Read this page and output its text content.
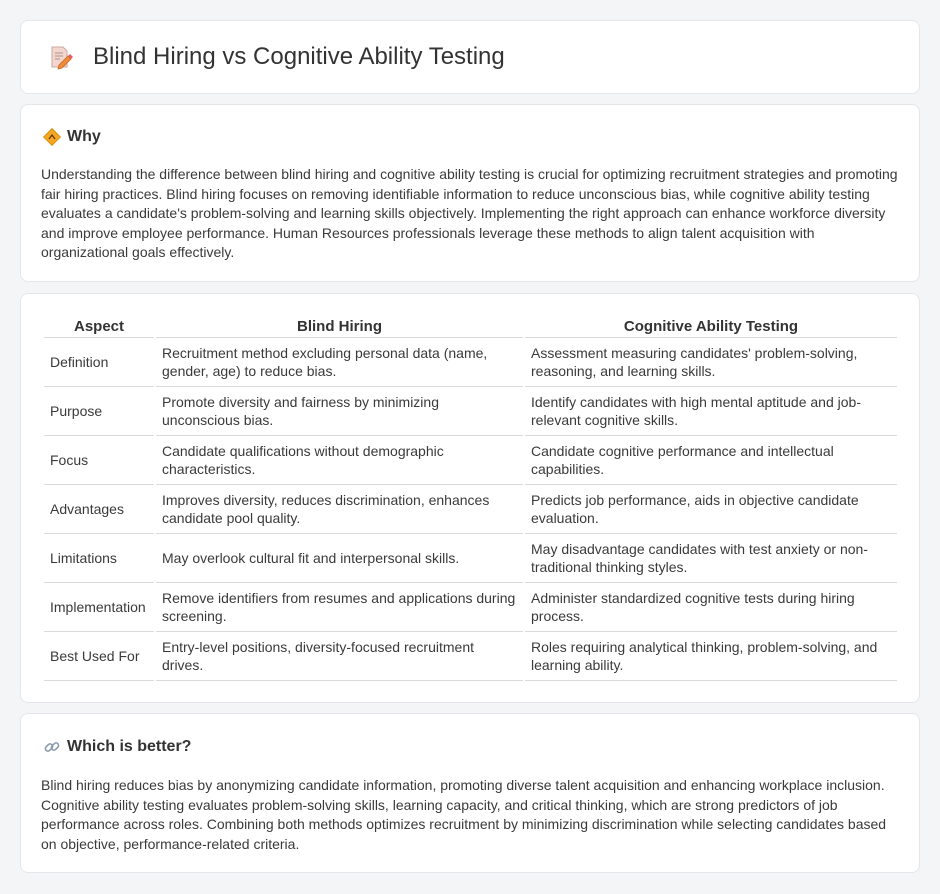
Blind Hiring vs Cognitive Ability Testing
Why

Understanding the difference between blind hiring and cognitive ability testing is crucial for optimizing recruitment strategies and promoting fair hiring practices. Blind hiring focuses on removing identifiable information to reduce unconscious bias, while cognitive ability testing evaluates a candidate's problem-solving and learning skills objectively. Implementing the right approach can enhance workforce diversity and improve employee performance. Human Resources professionals leverage these methods to align talent acquisition with organizational goals effectively.

Aspect	Blind Hiring	Cognitive Ability Testing
Definition	Recruitment method excluding personal data (name, gender, age) to reduce bias.	Assessment measuring candidates' problem-solving, reasoning, and learning skills.
Purpose	Promote diversity and fairness by minimizing unconscious bias.	Identify candidates with high mental aptitude and job-relevant cognitive skills.
Focus	Candidate qualifications without demographic characteristics.	Candidate cognitive performance and intellectual capabilities.
Advantages	Improves diversity, reduces discrimination, enhances candidate pool quality.	Predicts job performance, aids in objective candidate evaluation.
Limitations	May overlook cultural fit and interpersonal skills.	May disadvantage candidates with test anxiety or non-traditional thinking styles.
Implementation	Remove identifiers from resumes and applications during screening.	Administer standardized cognitive tests during hiring process.
Best Used For	Entry-level positions, diversity-focused recruitment drives.	Roles requiring analytical thinking, problem-solving, and learning ability.
Which is better?

Blind hiring reduces bias by anonymizing candidate information, promoting diverse talent acquisition and enhancing workplace inclusion. Cognitive ability testing evaluates problem-solving skills, learning capacity, and critical thinking, which are strong predictors of job performance across roles. Combining both methods optimizes recruitment by minimizing discrimination while selecting candidates based on objective, performance-related criteria.
